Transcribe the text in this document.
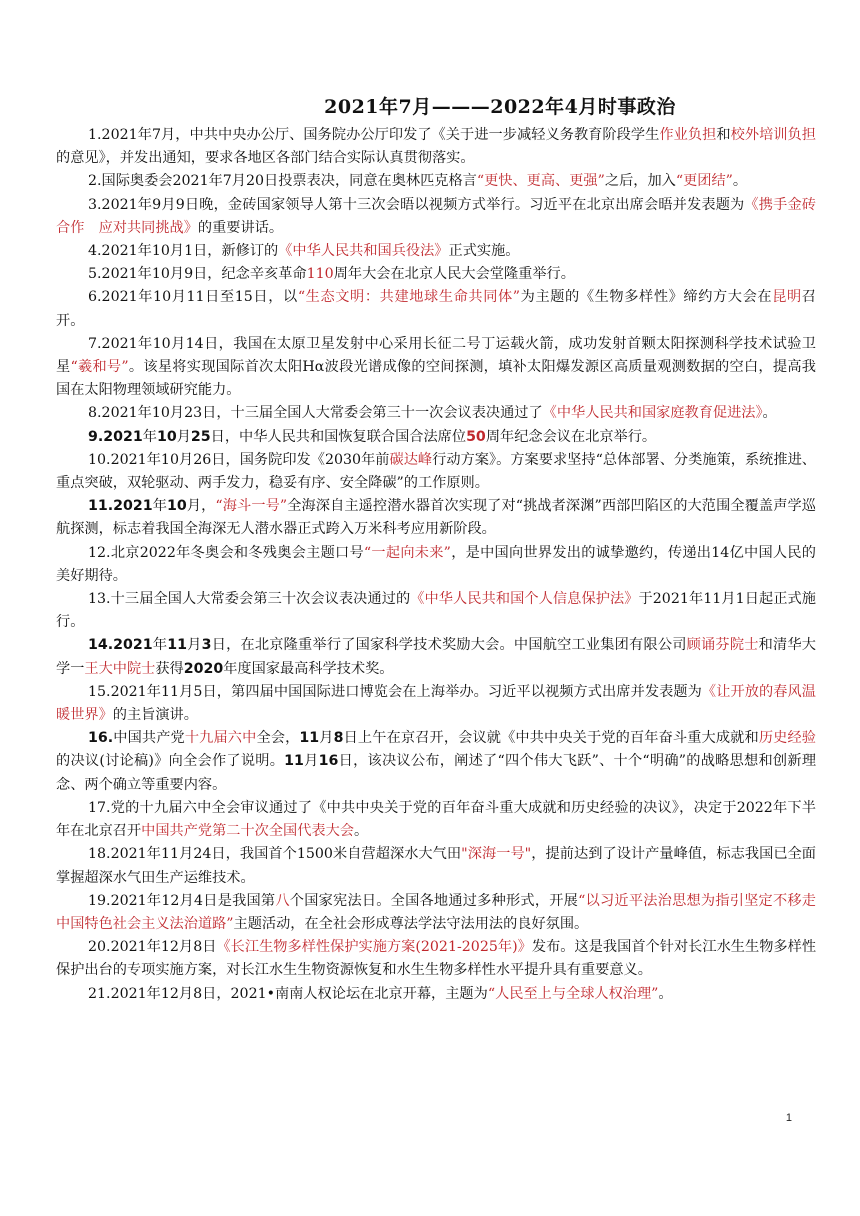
2021年7月———2022年4月时事政治

1.2021年7月，中共中央办公厅、国务院办公厅印发了《关于进一步减轻义务教育阶段学生作业负担和校外培训负担的意见》，并发出通知，要求各地区各部门结合实际认真贯彻落实。

2.国际奥委会2021年7月20日投票表决，同意在奥林匹克格言“更快、更高、更强”之后，加入“更团结”。

3.2021年9月9日晚，金砖国家领导人第十三次会晤以视频方式举行。习近平在北京出席会晤并发表题为《携手金砖合作　应对共同挑战》的重要讲话。

4.2021年10月1日，新修订的《中华人民共和国兵役法》正式实施。

5.2021年10月9日，纪念辛亥革命110周年大会在北京人民大会堂隆重举行。

6.2021年10月11日至15日，以“生态文明：共建地球生命共同体”为主题的《生物多样性》缔约方大会在昆明召开。

7.2021年10月14日，我国在太原卫星发射中心采用长征二号丁运载火箭，成功发射首颗太阳探测科学技术试验卫星“羲和号”。该星将实现国际首次太阳Hα波段光谱成像的空间探测，填补太阳爆发源区高质量观测数据的空白，提高我国在太阳物理领域研究能力。

8.2021年10月23日，十三届全国人大常委会第三十一次会议表决通过了《中华人民共和国家庭教育促进法》。

9.2021年10月25日，中华人民共和国恢复联合国合法席位50周年纪念会议在北京举行。

10.2021年10月26日，国务院印发《2030年前碳达峰行动方案》。方案要求坚持“总体部署、分类施策，系统推进、重点突破，双轮驱动、两手发力，稳妥有序、安全降碳”的工作原则。

11.2021年10月，“海斗一号”全海深自主遥控潜水器首次实现了对“挑战者深渊”西部凹陷区的大范围全覆盖声学巡航探测，标志着我国全海深无人潜水器正式跨入万米科考应用新阶段。

12.北京2022年冬奥会和冬残奥会主题口号“一起向未来”，是中国向世界发出的诚挚邀约，传递出14亿中国人民的美好期待。

13.十三届全国人大常委会第三十次会议表决通过的《中华人民共和国个人信息保护法》于2021年11月1日起正式施行。

14.2021年11月3日，在北京隆重举行了国家科学技术奖励大会。中国航空工业集团有限公司顾诵芬院士和清华大学一王大中院士获得2020年度国家最高科学技术奖。

15.2021年11月5日，第四届中国国际进口博览会在上海举办。习近平以视频方式出席并发表题为《让开放的春风温暖世界》的主旨演讲。

16.中国共产党十九届六中全会，11月8日上午在京召开，会议就《中共中央关于党的百年奋斗重大成就和历史经验的决议(讨论稿)》向全会作了说明。11月16日，该决议公布，阐述了“四个伟大飞跃”、十个“明确”的战略思想和创新理念、两个确立等重要内容。

17.党的十九届六中全会审议通过了《中共中央关于党的百年奋斗重大成就和历史经验的决议》，决定于2022年下半年在北京召开中国共产党第二十次全国代表大会。

18.2021年11月24日，我国首个1500米自营超深水大气田"深海一号"，提前达到了设计产量峰值，标志我国已全面掌握超深水气田生产运维技术。

19.2021年12月4日是我国第八个国家宪法日。全国各地通过多种形式，开展“以习近平法治思想为指引坚定不移走中国特色社会主义法治道路”主题活动，在全社会形成尊法学法守法用法的良好氛围。

20.2021年12月8日《长江生物多样性保护实施方案(2021-2025年)》发布。这是我国首个针对长江水生生物多样性保护出台的专项实施方案，对长江水生生物资源恢复和水生生物多样性水平提升具有重要意义。

21.2021年12月8日，2021•南南人权论坛在北京开幕，主题为“人民至上与全球人权治理”。

1
